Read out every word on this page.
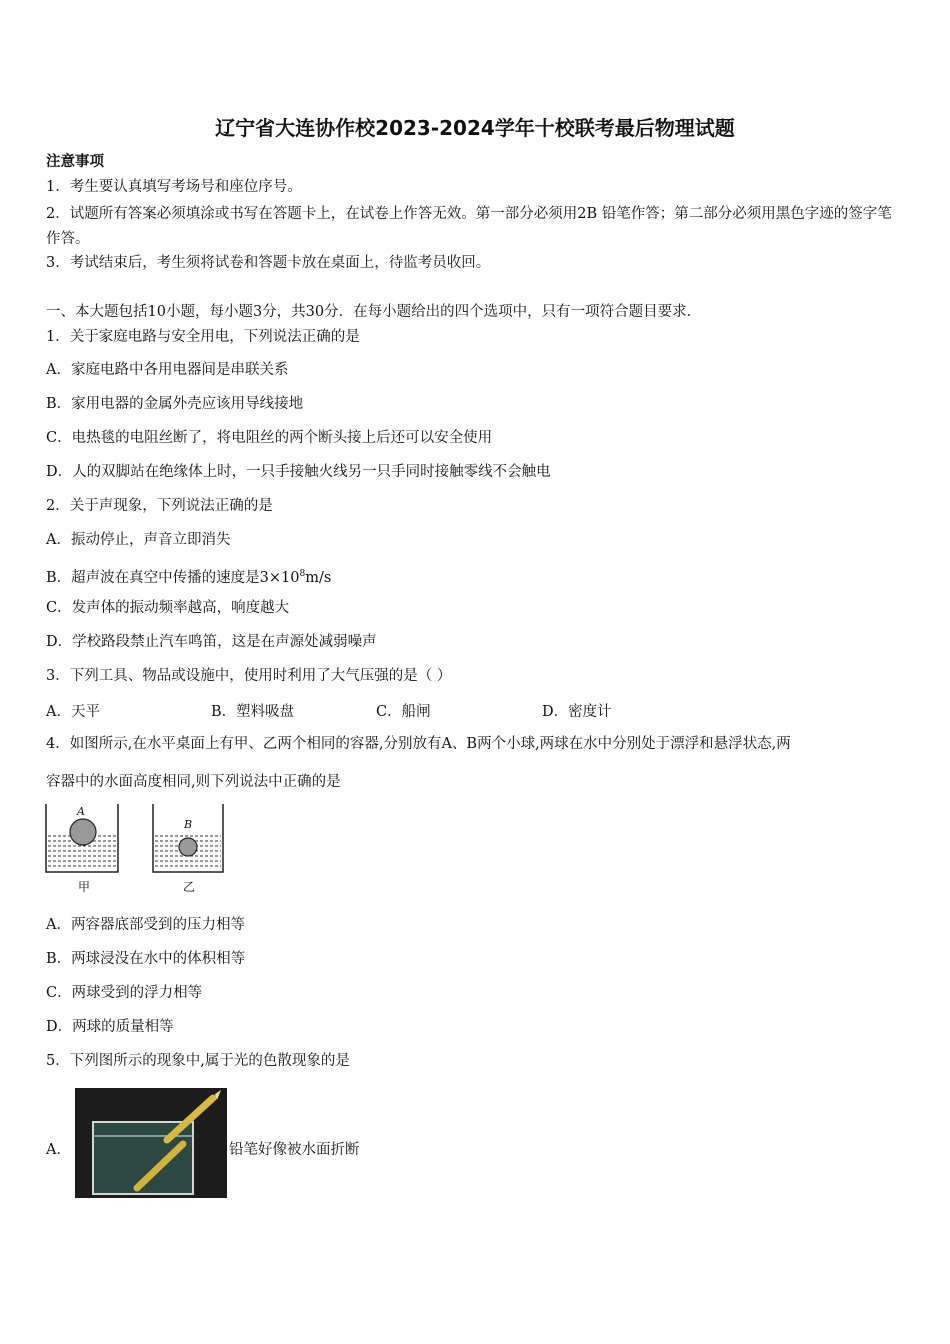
辽宁省大连协作校2023-2024学年十校联考最后物理试题
注意事项
1．考生要认真填写考场号和座位序号。
2．试题所有答案必须填涂或书写在答题卡上，在试卷上作答无效。第一部分必须用2B 铅笔作答；第二部分必须用黑色字迹的签字笔作答。
3．考试结束后，考生须将试卷和答题卡放在桌面上，待监考员收回。
一、本大题包括10小题，每小题3分，共30分．在每小题给出的四个选项中，只有一项符合题目要求．
1．关于家庭电路与安全用电，下列说法正确的是
A．家庭电路中各用电器间是串联关系
B．家用电器的金属外壳应该用导线接地
C．电热毯的电阻丝断了，将电阻丝的两个断头接上后还可以安全使用
D．人的双脚站在绝缘体上时，一只手接触火线另一只手同时接触零线不会触电
2．关于声现象，下列说法正确的是
A．振动停止，声音立即消失
B．超声波在真空中传播的速度是$3\times 10^8m/s$
C．发声体的振动频率越高，响度越大
D．学校路段禁止汽车鸣笛，这是在声源处减弱噪声
3．下列工具、物品或设施中，使用时利用了大气压强的是（ ）
A．天平	B．塑料吸盘	C．船闸	D．密度计
4．如图所示,在水平桌面上有甲、乙两个相同的容器,分别放有A、B两个小球,两球在水中分别处于漂浮和悬浮状态,两
容器中的水面高度相同,则下列说法中正确的是
A
B
甲	乙
A．两容器底部受到的压力相等
B．两球浸没在水中的体积相等
C．两球受到的浮力相等
D．两球的质量相等
5．下列图所示的现象中,属于光的色散现象的是
A．	铅笔好像被水面折断
